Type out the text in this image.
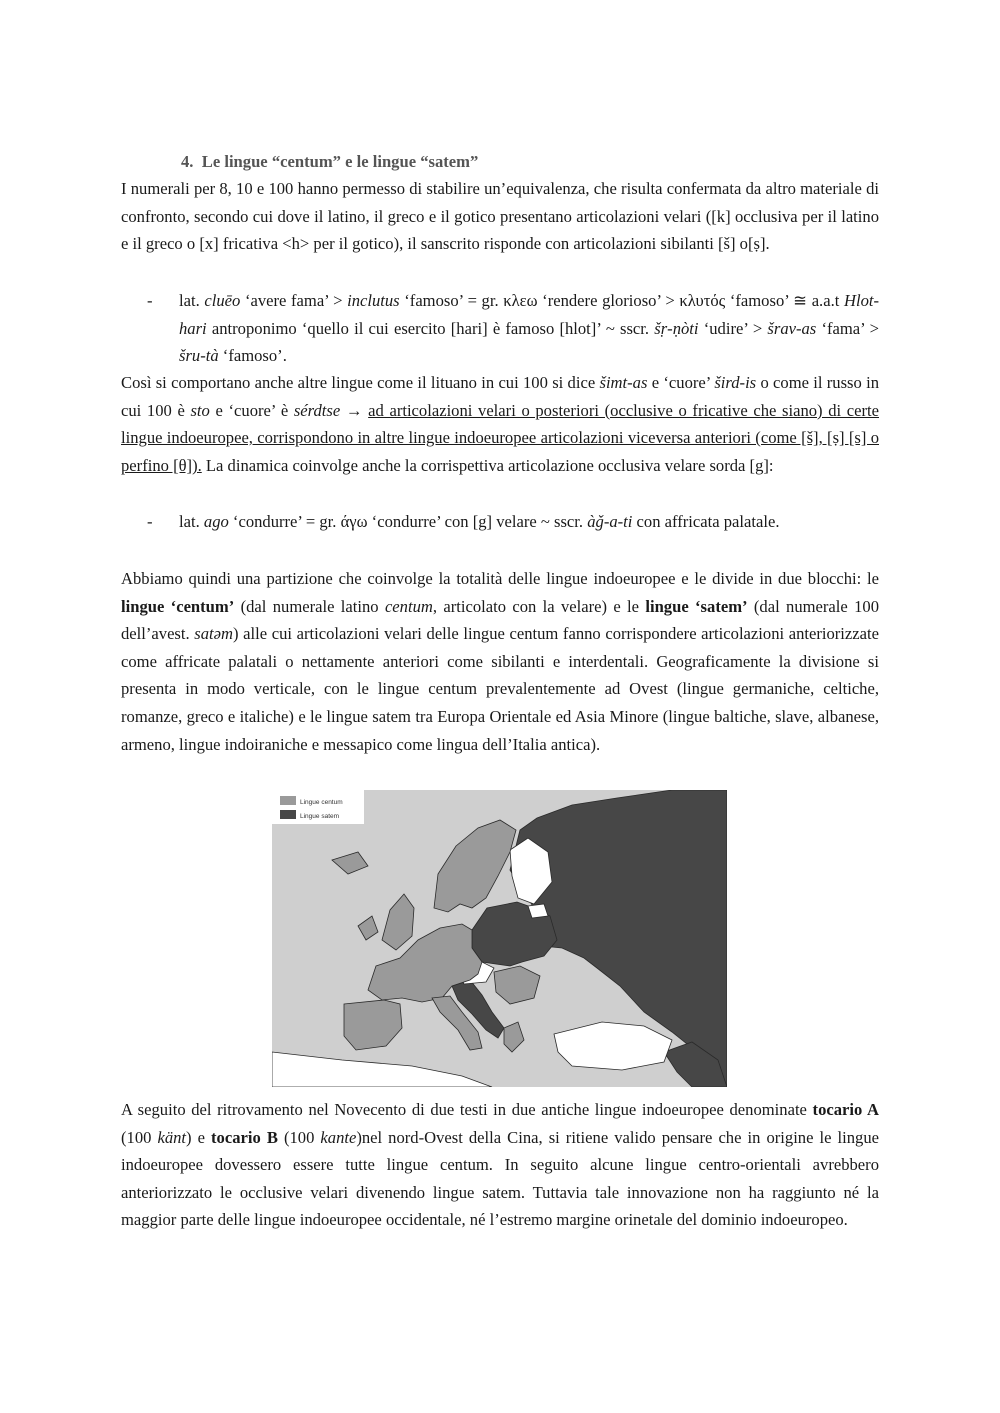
4. Le lingue “centum” e le lingue “satem”
I numerali per 8, 10 e 100 hanno permesso di stabilire un’equivalenza, che risulta confermata da altro materiale di confronto, secondo cui dove il latino, il greco e il gotico presentano articolazioni velari ([k] occlusiva per il latino e il greco o [x] fricativa <h> per il gotico), il sanscrito risponde con articolazioni sibilanti [š] o[ṣ].
- lat. cluēo ‘avere fama’ > inclutus ‘famoso’ = gr. κλεω ‘rendere glorioso’ > κλυτός ‘famoso’ ≅ a.a.t Hlot-hari antroponimo ‘quello il cui esercito [hari] è famoso [hlot]’ ~ sscr. šṛ-ṇòti ‘udire’ > šrav-as ‘fama’ > šru-tà ‘famoso’.
Così si comportano anche altre lingue come il lituano in cui 100 si dice šimt-as e ‘cuore’ šird-is o come il russo in cui 100 è sto e ‘cuore’ è sérdtse → ad articolazioni velari o posteriori (occlusive o fricative che siano) di certe lingue indoeuropee, corrispondono in altre lingue indoeuropee articolazioni viceversa anteriori (come [š], [ṣ] [s] o perfino [θ]). La dinamica coinvolge anche la corrispettiva articolazione occlusiva velare sorda [g]:
- lat. ago ‘condurre’ = gr. άγω ‘condurre’ con [g] velare ~ sscr. àǧ-a-ti con affricata palatale.
Abbiamo quindi una partizione che coinvolge la totalità delle lingue indoeuropee e le divide in due blocchi: le lingue ‘centum’ (dal numerale latino centum, articolato con la velare) e le lingue ‘satem’ (dal numerale 100 dell’avest. satəm) alle cui articolazioni velari delle lingue centum fanno corrispondere articolazioni anteriorizzate come affricate palatali o nettamente anteriori come sibilanti e interdentali. Geograficamente la divisione si presenta in modo verticale, con le lingue centum prevalentemente ad Ovest (lingue germaniche, celtiche, romanze, greco e italiche) e le lingue satem tra Europa Orientale ed Asia Minore (lingue baltiche, slave, albanese, armeno, lingue indoiraniche e messapico come lingua dell’Italia antica).
Lingue centum
Lingue satem
A seguito del ritrovamento nel Novecento di due testi in due antiche lingue indoeuropee denominate tocario A (100 känt) e tocario B (100 kante)nel nord-Ovest della Cina, si ritiene valido pensare che in origine le lingue indoeuropee dovessero essere tutte lingue centum. In seguito alcune lingue centro-orientali avrebbero anteriorizzato le occlusive velari divenendo lingue satem. Tuttavia tale innovazione non ha raggiunto né la maggior parte delle lingue indoeuropee occidentale, né l’estremo margine orinetale del dominio indoeuropeo.
